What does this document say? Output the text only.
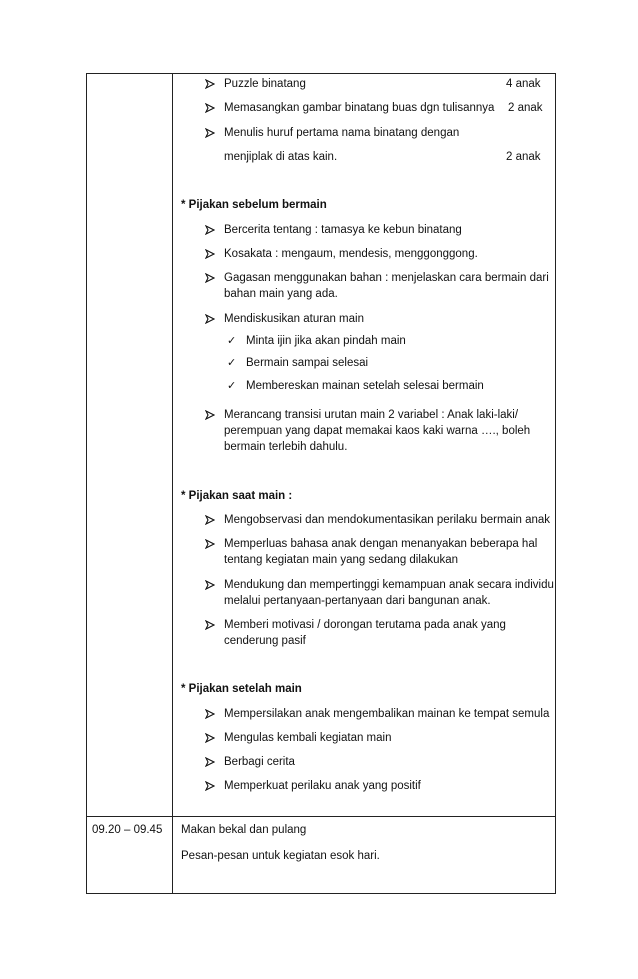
Puzzle binatang	4 anak
Memasangkan gambar binatang buas dgn tulisannya 2 anak
Menulis huruf pertama nama binatang dengan
menjiplak di atas kain.	2 anak
* Pijakan sebelum bermain
Bercerita tentang : tamasya ke kebun binatang
Kosakata : mengaum, mendesis, menggonggong.
Gagasan menggunakan bahan : menjelaskan cara bermain dari
bahan main yang ada.
Mendiskusikan aturan main
✓ Minta ijin jika akan pindah main
✓ Bermain sampai selesai
✓ Membereskan mainan setelah selesai bermain
Merancang transisi urutan main 2 variabel : Anak laki-laki/
perempuan yang dapat memakai kaos kaki warna …., boleh
bermain terlebih dahulu.
* Pijakan saat main :
Mengobservasi dan mendokumentasikan perilaku bermain anak
Memperluas bahasa anak dengan menanyakan beberapa hal
tentang kegiatan main yang sedang dilakukan
Mendukung dan mempertinggi kemampuan anak secara individu
melalui pertanyaan-pertanyaan dari bangunan anak.
Memberi motivasi / dorongan terutama pada anak yang
cenderung pasif
* Pijakan setelah main
Mempersilakan anak mengembalikan mainan ke tempat semula
Mengulas kembali kegiatan main
Berbagi cerita
Memperkuat perilaku anak yang positif
09.20 – 09.45 Makan bekal dan pulang
Pesan-pesan untuk kegiatan esok hari.
